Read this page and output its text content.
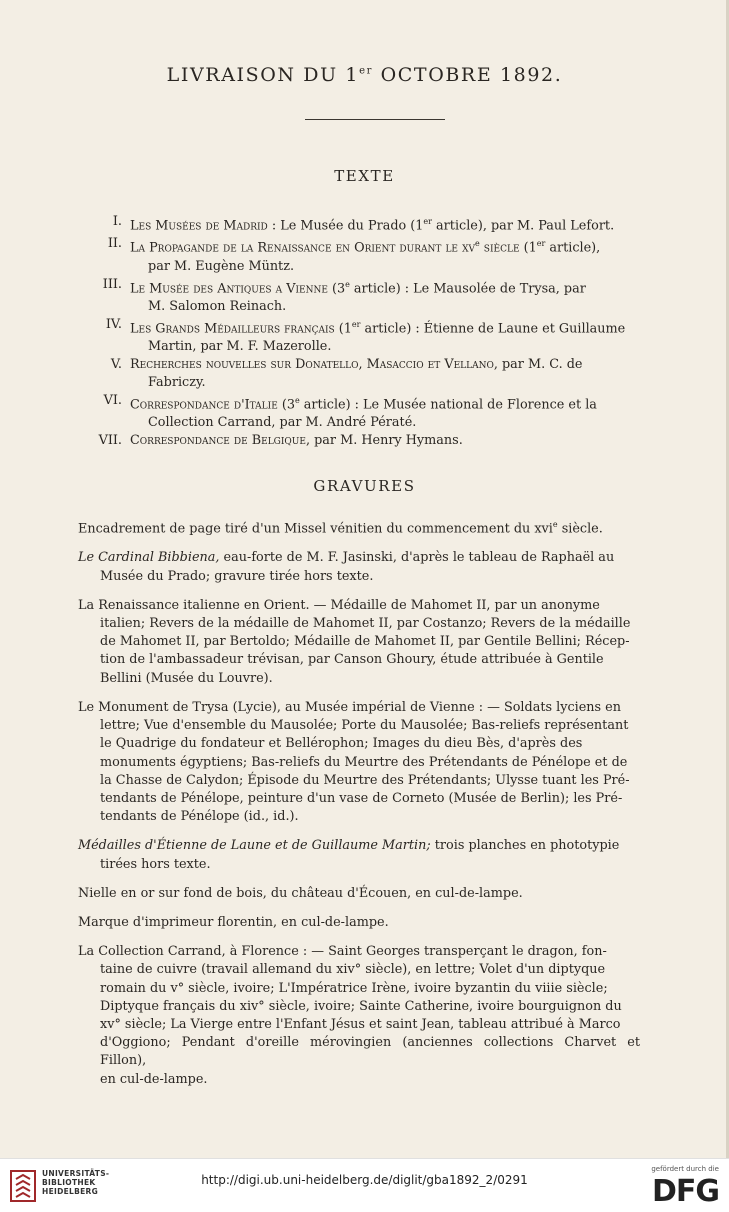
LIVRAISON DU 1er OCTOBRE 1892.
TEXTE
I. Les Musées de Madrid : Le Musée du Prado (1er article), par M. Paul Lefort.
II. La Propagande de la Renaissance en Orient durant le $xv^e$ siècle (1er article),
par M. Eugène Müntz.
III. Le Musée des Antiques a Vienne (3e article) : Le Mausolée de Trysa, par
M. Salomon Reinach.
IV. Les Grands Médailleurs français (1er article) : Étienne de Laune et Guillaume
Martin, par M. F. Mazerolle.
V. Recherches nouvelles sur Donatello, Masaccio et Vellano, par M. C. de
Fabriczy.
VI. Correspondance d'Italie (3e article) : Le Musée national de Florence et la
Collection Carrand, par M. André Pératé.
VII. Correspondance de Belgique, par M. Henry Hymans.
GRAVURES
Encadrement de page tiré d'un Missel vénitien du commencement du xvi$^e$ siècle.
Le Cardinal Bibbiena, eau-forte de M. F. Jasinski, d'après le tableau de Raphaël au
Musée du Prado; gravure tirée hors texte.
La Renaissance italienne en Orient. — Médaille de Mahomet II, par un anonyme
italien; Revers de la médaille de Mahomet II, par Costanzo; Revers de la médaille
de Mahomet II, par Bertoldo; Médaille de Mahomet II, par Gentile Bellini; Récep-
tion de l'ambassadeur trévisan, par Canson Ghoury, étude attribuée à Gentile
Bellini (Musée du Louvre).
Le Monument de Trysa (Lycie), au Musée impérial de Vienne : — Soldats lyciens en
lettre; Vue d'ensemble du Mausolée; Porte du Mausolée; Bas-reliefs représentant
le Quadrige du fondateur et Bellérophon; Images du dieu Bès, d'après des
monuments égyptiens; Bas-reliefs du Meurtre des Prétendants de Pénélope et de
la Chasse de Calydon; Épisode du Meurtre des Prétendants; Ulysse tuant les Pré-
tendants de Pénélope, peinture d'un vase de Corneto (Musée de Berlin); les Pré-
tendants de Pénélope (id., id.).
Médailles d'Étienne de Laune et de Guillaume Martin; trois planches en phototypie
tirées hors texte.
Nielle en or sur fond de bois, du château d'Écouen, en cul-de-lampe.
Marque d'imprimeur florentin, en cul-de-lampe.
La Collection Carrand, à Florence : — Saint Georges transperçant le dragon, fon-
taine de cuivre (travail allemand du xiv° siècle), en lettre; Volet d'un diptyque
romain du v° siècle, ivoire; L'Impératrice Irène, ivoire byzantin du viiie siècle;
Diptyque français du xiv° siècle, ivoire; Sainte Catherine, ivoire bourguignon du
xv° siècle; La Vierge entre l'Enfant Jésus et saint Jean, tableau attribué à Marco
d'Oggiono; Pendant d'oreille mérovingien (anciennes collections Charvet et Fillon),
en cul-de-lampe.
UNIVERSITÄTS-
BIBLIOTHEK
HEIDELBERG
http://digi.ub.uni-heidelberg.de/diglit/gba1892_2/0291
gefördert durch die
DFG
